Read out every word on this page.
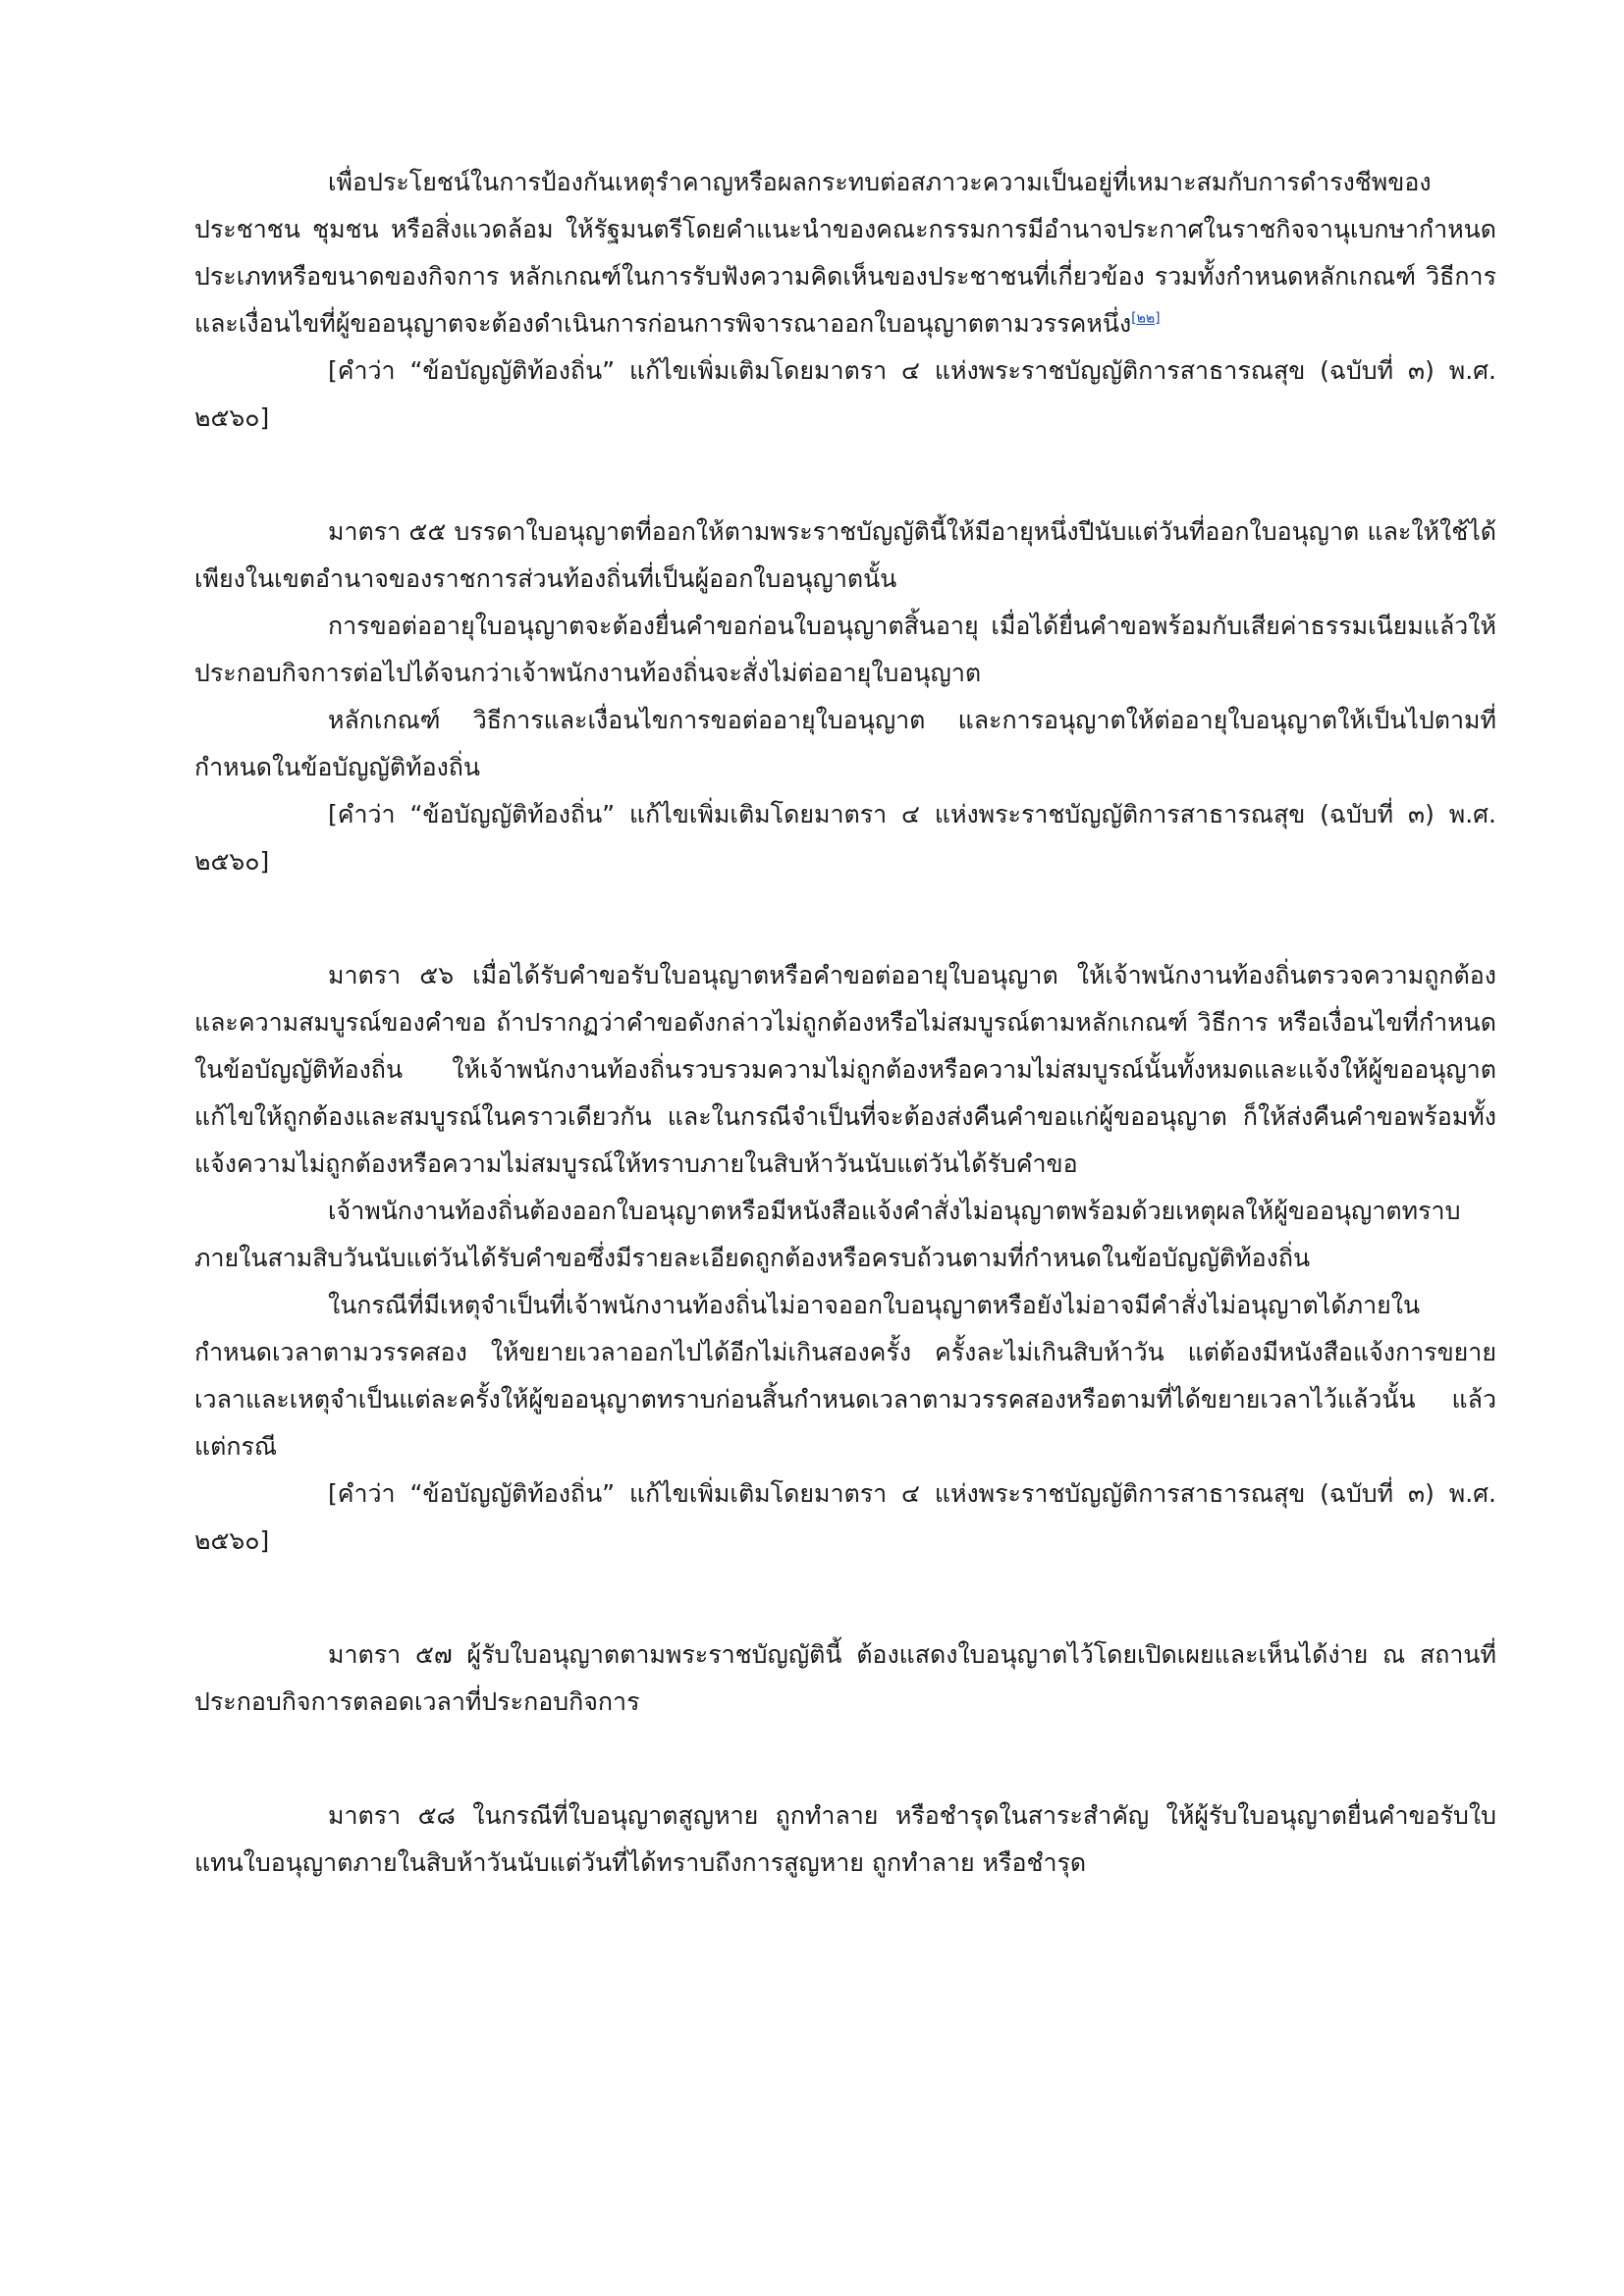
เพื่อประโยชน์ในการป้องกันเหตุรำคาญหรือผลกระทบต่อสภาวะความเป็นอยู่ที่เหมาะสมกับการดำรงชีพของประชาชน ชุมชน หรือสิ่งแวดล้อม ให้รัฐมนตรีโดยคำแนะนำของคณะกรรมการมีอำนาจประกาศในราชกิจจานุเบกษากำหนดประเภทหรือขนาดของกิจการ หลักเกณฑ์ในการรับฟังความคิดเห็นของประชาชนที่เกี่ยวข้อง รวมทั้งกำหนดหลักเกณฑ์ วิธีการ และเงื่อนไขที่ผู้ขออนุญาตจะต้องดำเนินการก่อนการพิจารณาออกใบอนุญาตตามวรรคหนึ่ง[๒๒]

[คำว่า “ข้อบัญญัติท้องถิ่น” แก้ไขเพิ่มเติมโดยมาตรา ๔ แห่งพระราชบัญญัติการสาธารณสุข (ฉบับที่ ๓) พ.ศ. ๒๕๖๐]

มาตรา ๕๕ บรรดาใบอนุญาตที่ออกให้ตามพระราชบัญญัตินี้ให้มีอายุหนึ่งปีนับแต่วันที่ออกใบอนุญาต และให้ใช้ได้เพียงในเขตอำนาจของราชการส่วนท้องถิ่นที่เป็นผู้ออกใบอนุญาตนั้น

การขอต่ออายุใบอนุญาตจะต้องยื่นคำขอก่อนใบอนุญาตสิ้นอายุ เมื่อได้ยื่นคำขอพร้อมกับเสียค่าธรรมเนียมแล้วให้ประกอบกิจการต่อไปได้จนกว่าเจ้าพนักงานท้องถิ่นจะสั่งไม่ต่ออายุใบอนุญาต

หลักเกณฑ์ วิธีการและเงื่อนไขการขอต่ออายุใบอนุญาต และการอนุญาตให้ต่ออายุใบอนุญาตให้เป็นไปตามที่กำหนดในข้อบัญญัติท้องถิ่น

[คำว่า “ข้อบัญญัติท้องถิ่น” แก้ไขเพิ่มเติมโดยมาตรา ๔ แห่งพระราชบัญญัติการสาธารณสุข (ฉบับที่ ๓) พ.ศ. ๒๕๖๐]

มาตรา ๕๖ เมื่อได้รับคำขอรับใบอนุญาตหรือคำขอต่ออายุใบอนุญาต ให้เจ้าพนักงานท้องถิ่นตรวจความถูกต้องและความสมบูรณ์ของคำขอ ถ้าปรากฏว่าคำขอดังกล่าวไม่ถูกต้องหรือไม่สมบูรณ์ตามหลักเกณฑ์ วิธีการ หรือเงื่อนไขที่กำหนดในข้อบัญญัติท้องถิ่น ให้เจ้าพนักงานท้องถิ่นรวบรวมความไม่ถูกต้องหรือความไม่สมบูรณ์นั้นทั้งหมดและแจ้งให้ผู้ขออนุญาตแก้ไขให้ถูกต้องและสมบูรณ์ในคราวเดียวกัน และในกรณีจำเป็นที่จะต้องส่งคืนคำขอแก่ผู้ขออนุญาต ก็ให้ส่งคืนคำขอพร้อมทั้งแจ้งความไม่ถูกต้องหรือความไม่สมบูรณ์ให้ทราบภายในสิบห้าวันนับแต่วันได้รับคำขอ

เจ้าพนักงานท้องถิ่นต้องออกใบอนุญาตหรือมีหนังสือแจ้งคำสั่งไม่อนุญาตพร้อมด้วยเหตุผลให้ผู้ขออนุญาตทราบภายในสามสิบวันนับแต่วันได้รับคำขอซึ่งมีรายละเอียดถูกต้องหรือครบถ้วนตามที่กำหนดในข้อบัญญัติท้องถิ่น

ในกรณีที่มีเหตุจำเป็นที่เจ้าพนักงานท้องถิ่นไม่อาจออกใบอนุญาตหรือยังไม่อาจมีคำสั่งไม่อนุญาตได้ภายในกำหนดเวลาตามวรรคสอง ให้ขยายเวลาออกไปได้อีกไม่เกินสองครั้ง ครั้งละไม่เกินสิบห้าวัน แต่ต้องมีหนังสือแจ้งการขยายเวลาและเหตุจำเป็นแต่ละครั้งให้ผู้ขออนุญาตทราบก่อนสิ้นกำหนดเวลาตามวรรคสองหรือตามที่ได้ขยายเวลาไว้แล้วนั้น แล้วแต่กรณี

[คำว่า “ข้อบัญญัติท้องถิ่น” แก้ไขเพิ่มเติมโดยมาตรา ๔ แห่งพระราชบัญญัติการสาธารณสุข (ฉบับที่ ๓) พ.ศ. ๒๕๖๐]

มาตรา ๕๗ ผู้รับใบอนุญาตตามพระราชบัญญัตินี้ ต้องแสดงใบอนุญาตไว้โดยเปิดเผยและเห็นได้ง่าย ณ สถานที่ประกอบกิจการตลอดเวลาที่ประกอบกิจการ

มาตรา ๕๘ ในกรณีที่ใบอนุญาตสูญหาย ถูกทำลาย หรือชำรุดในสาระสำคัญ ให้ผู้รับใบอนุญาตยื่นคำขอรับใบแทนใบอนุญาตภายในสิบห้าวันนับแต่วันที่ได้ทราบถึงการสูญหาย ถูกทำลาย หรือชำรุด
